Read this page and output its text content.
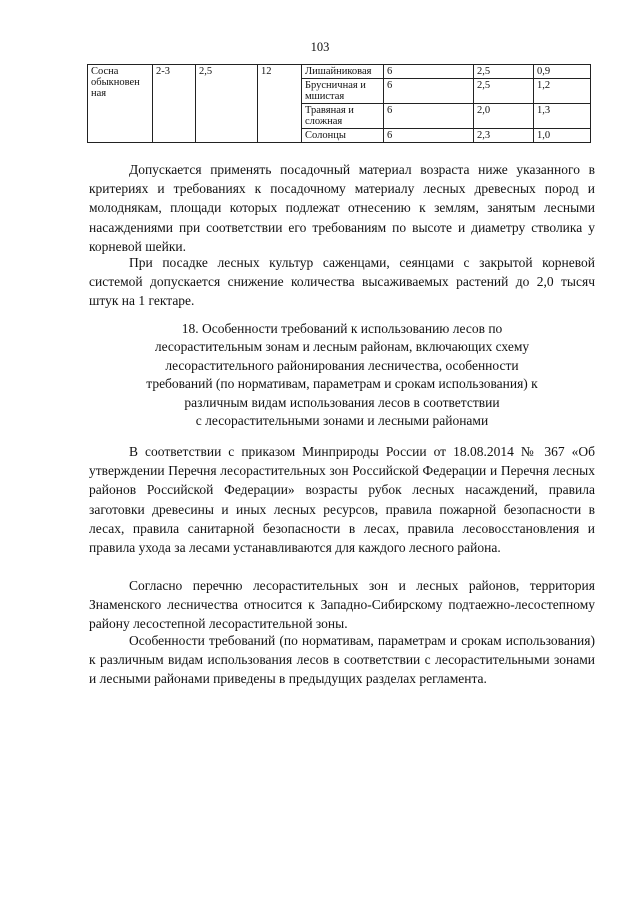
103
Сосна обыкновен ная	2-3	2,5	12	Лишайниковая	6	2,5	0,9
				Брусничная и мшистая	6	2,5	1,2
				Травяная и сложная	6	2,0	1,3
				Солонцы	6	2,3	1,0

Допускается применять посадочный материал возраста ниже указанного в критериях и требованиях к посадочному материалу лесных древесных пород и молоднякам, площади которых подлежат отнесению к землям, занятым лесными насаждениями при соответствии его требованиям по высоте и диаметру стволика у корневой шейки.

При посадке лесных культур саженцами, сеянцами с закрытой корневой системой допускается снижение количества высаживаемых растений до 2,0 тысяч штук на 1 гектаре.

18. Особенности требований к использованию лесов по
лесорастительным зонам и лесным районам, включающих схему
лесорастительного районирования лесничества, особенности
требований (по нормативам, параметрам и срокам использования) к
различным видам использования лесов в соответствии
с лесорастительными зонами и лесными районами

В соответствии с приказом Минприроды России от 18.08.2014 № 367 «Об утверждении Перечня лесорастительных зон Российской Федерации и Перечня лесных районов Российской Федерации» возрасты рубок лесных насаждений, правила заготовки древесины и иных лесных ресурсов, правила пожарной безопасности в лесах, правила санитарной безопасности в лесах, правила лесовосстановления и правила ухода за лесами устанавливаются для каждого лесного района.

Согласно перечню лесорастительных зон и лесных районов, территория Знаменского лесничества относится к Западно-Сибирскому подтаежно-лесостепному району лесостепной лесорастительной зоны.

Особенности требований (по нормативам, параметрам и срокам использования) к различным видам использования лесов в соответствии с лесорастительными зонами и лесными районами приведены в предыдущих разделах регламента.
